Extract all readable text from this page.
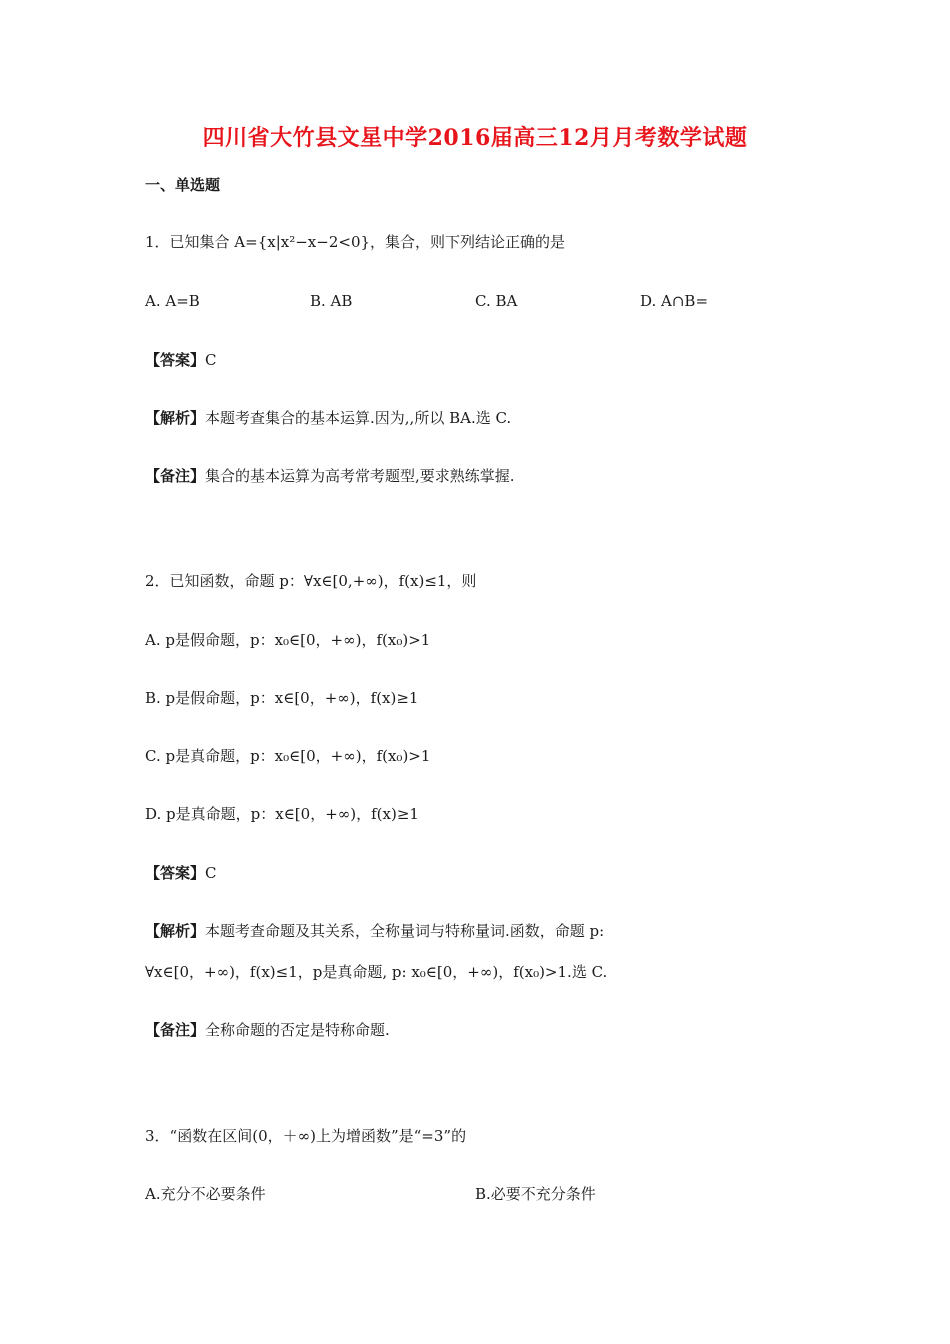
四川省大竹县文星中学2016届高三12月月考数学试题
一、单选题
1．已知集合 A={x|x²−x−2<0}，集合，则下列结论正确的是
A. A=B	B. AB	C. BA	D. A∩B=
【答案】C
【解析】本题考查集合的基本运算.因为,,所以 BA.选 C.
【备注】集合的基本运算为高考常考题型,要求熟练掌握.
2．已知函数，命题 p：∀x∈[0,+∞)，f(x)≤1，则
A. p是假命题，p：x₀∈[0，+∞)，f(x₀)>1
B. p是假命题，p：x∈[0，+∞)，f(x)≥1
C. p是真命题，p：x₀∈[0，+∞)，f(x₀)>1
D. p是真命题，p：x∈[0，+∞)，f(x)≥1
【答案】C
【解析】本题考查命题及其关系，全称量词与特称量词.函数，命题 p:
∀x∈[0，+∞)，f(x)≤1，p是真命题, p: x₀∈[0，+∞)，f(x₀)>1.选 C.
【备注】全称命题的否定是特称命题.
3．“函数在区间(0，＋∞)上为增函数”是“=3”的
A.充分不必要条件	B.必要不充分条件
